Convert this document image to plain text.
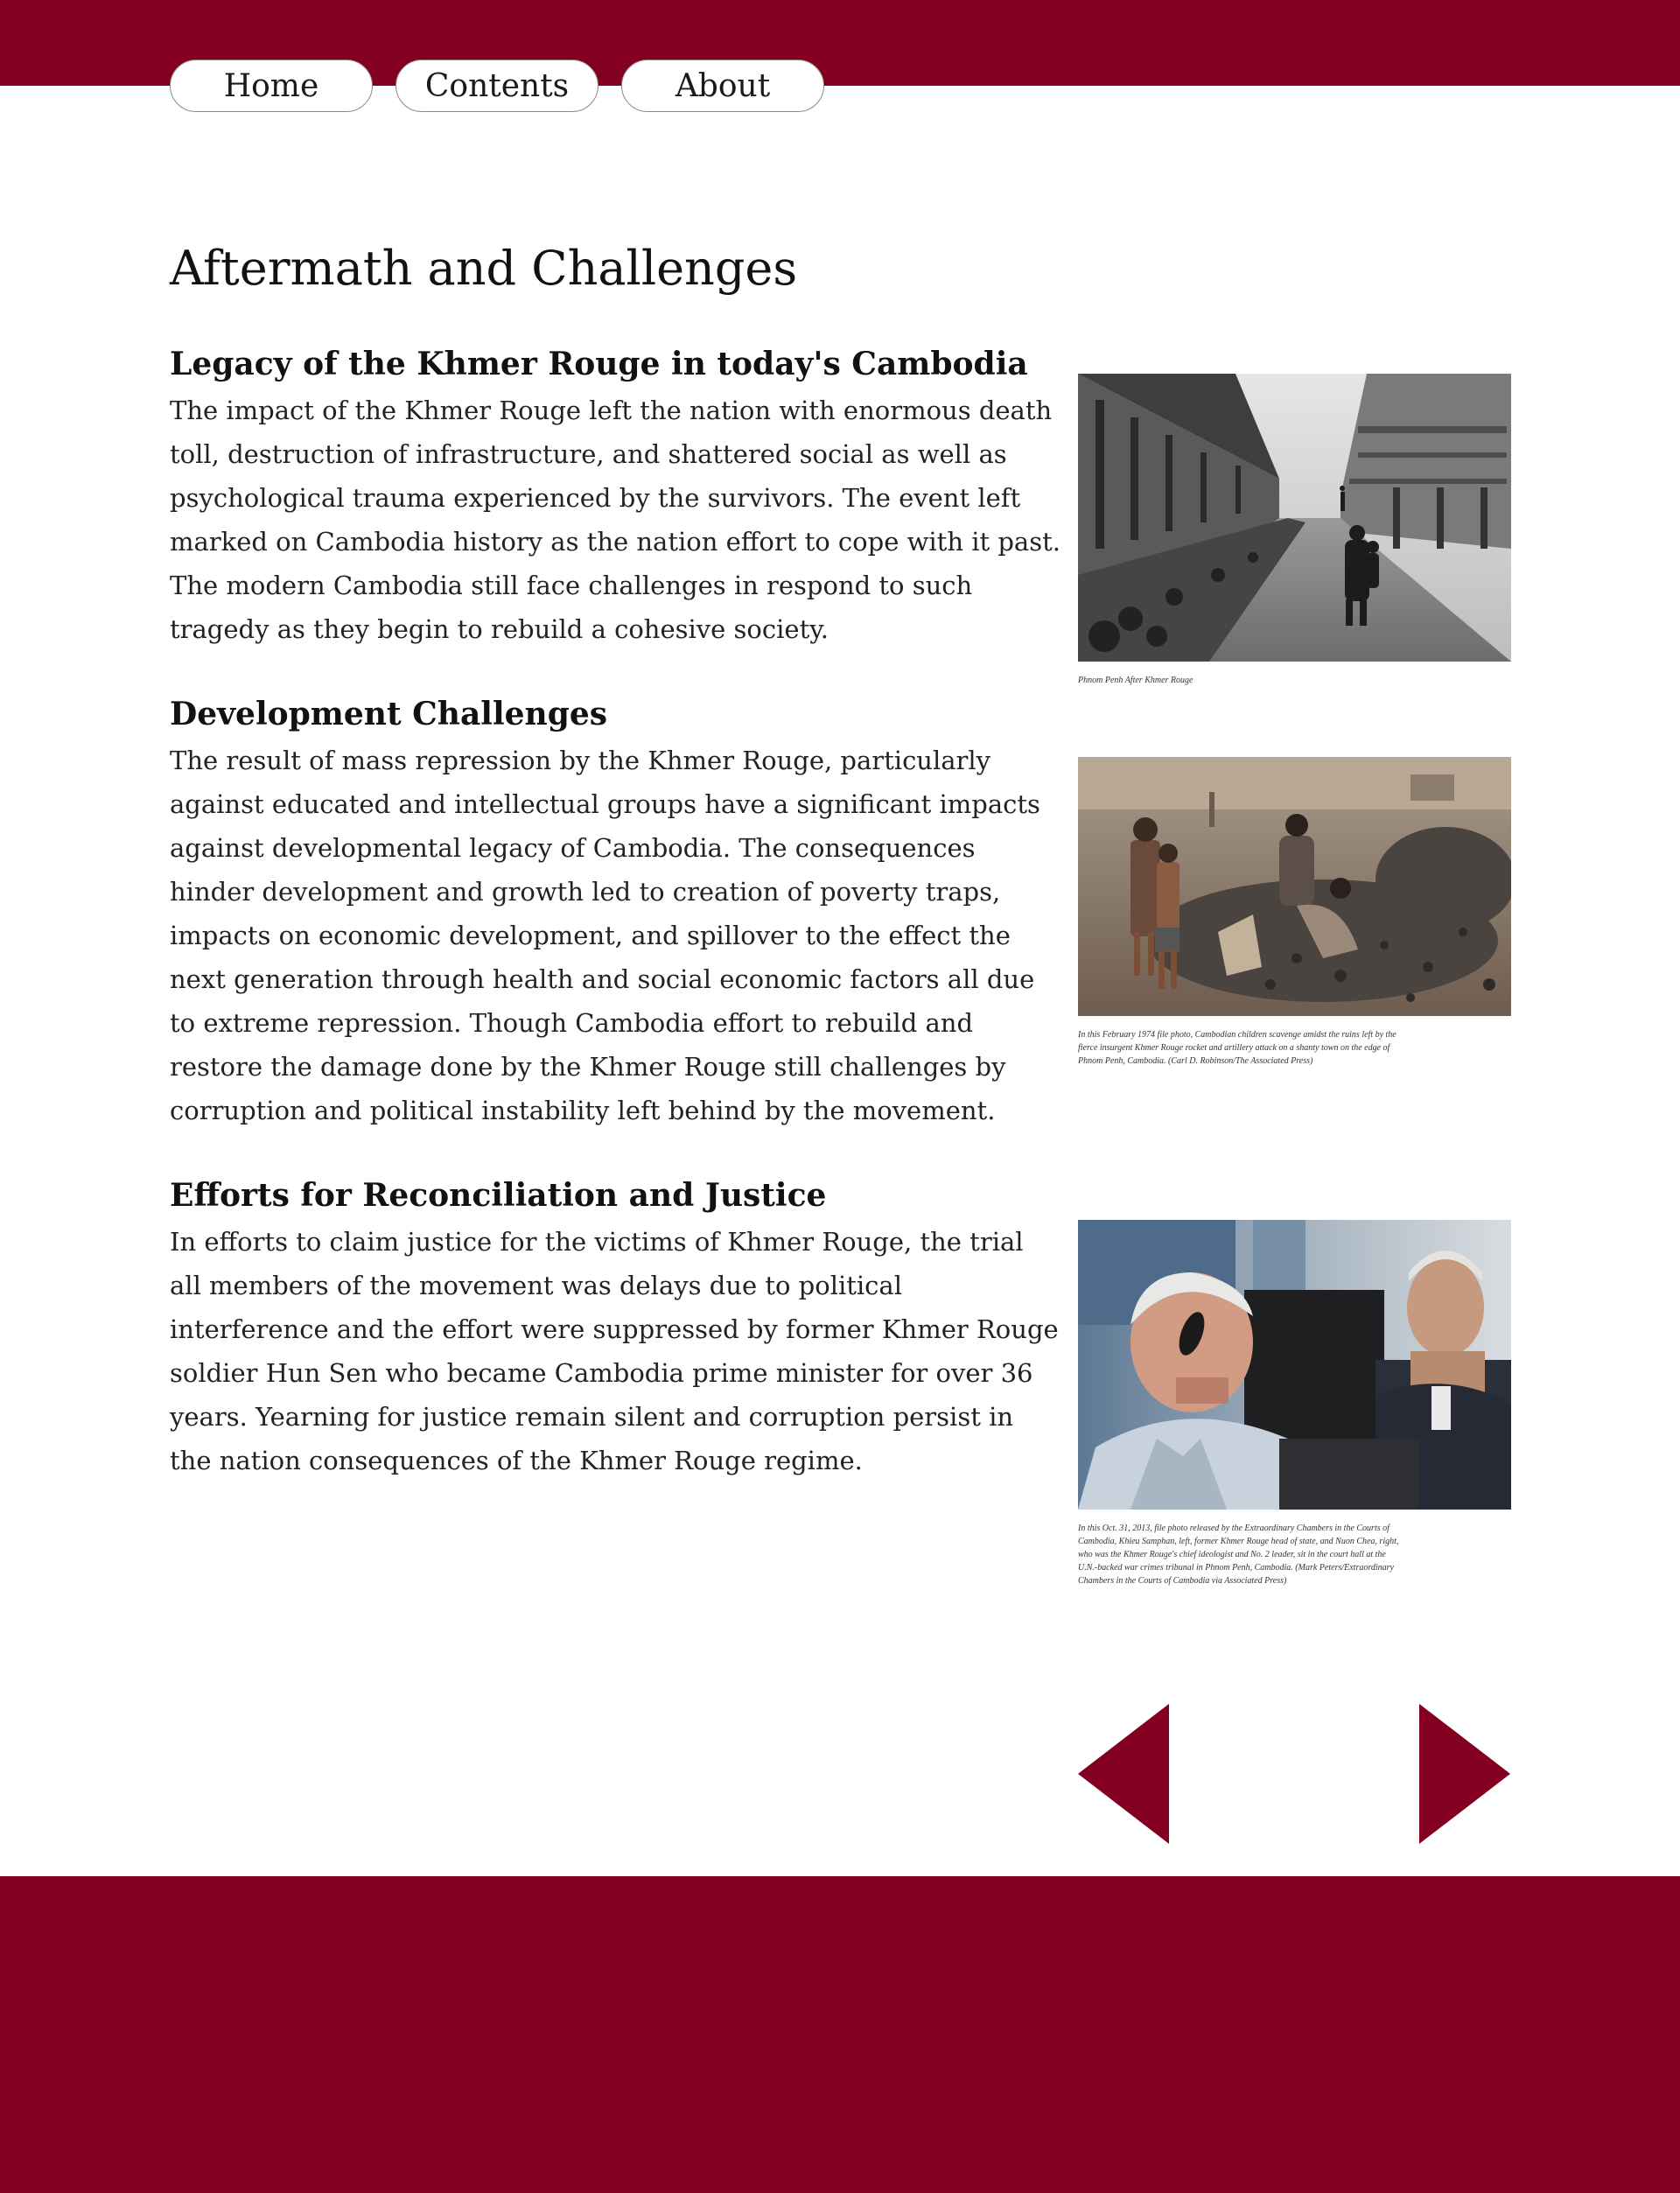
Home	Contents	About
Aftermath and Challenges
Legacy of the Khmer Rouge in today's Cambodia

The impact of the Khmer Rouge left the nation with enormous death toll, destruction of infrastructure, and shattered social as well as psychological trauma experienced by the survivors. The event left marked on Cambodia history as the nation effort to cope with it past. The modern Cambodia still face challenges in respond to such tragedy as they begin to rebuild a cohesive society.

Development Challenges

The result of mass repression by the Khmer Rouge, particularly against educated and intellectual groups have a significant impacts against developmental legacy of Cambodia. The consequences hinder development and growth led to creation of poverty traps, impacts on economic development, and spillover to the effect the next generation through health and social economic factors all due to extreme repression. Though Cambodia effort to rebuild and restore the damage done by the Khmer Rouge still challenges by corruption and political instability left behind by the movement.

Efforts for Reconciliation and Justice

In efforts to claim justice for the victims of Khmer Rouge, the trial all members of the movement was delays due to political interference and the effort were suppressed by former Khmer Rouge soldier Hun Sen who became Cambodia prime minister for over 36 years. Yearning for justice remain silent and corruption persist in the nation consequences of the Khmer Rouge regime.

Phnom Penh After Khmer Rouge
In this February 1974 file photo, Cambodian children scavenge amidst the ruins left by the fierce insurgent Khmer Rouge rocket and artillery attack on a shanty town on the edge of Phnom Penh, Cambodia. (Carl D. Robinson/The Associated Press)
In this Oct. 31, 2013, file photo released by the Extraordinary Chambers in the Courts of Cambodia, Khieu Samphan, left, former Khmer Rouge head of state, and Nuon Chea, right, who was the Khmer Rouge's chief ideologist and No. 2 leader, sit in the court hall at the U.N.-backed war crimes tribunal in Phnom Penh, Cambodia. (Mark Peters/Extraordinary Chambers in the Courts of Cambodia via Associated Press)
